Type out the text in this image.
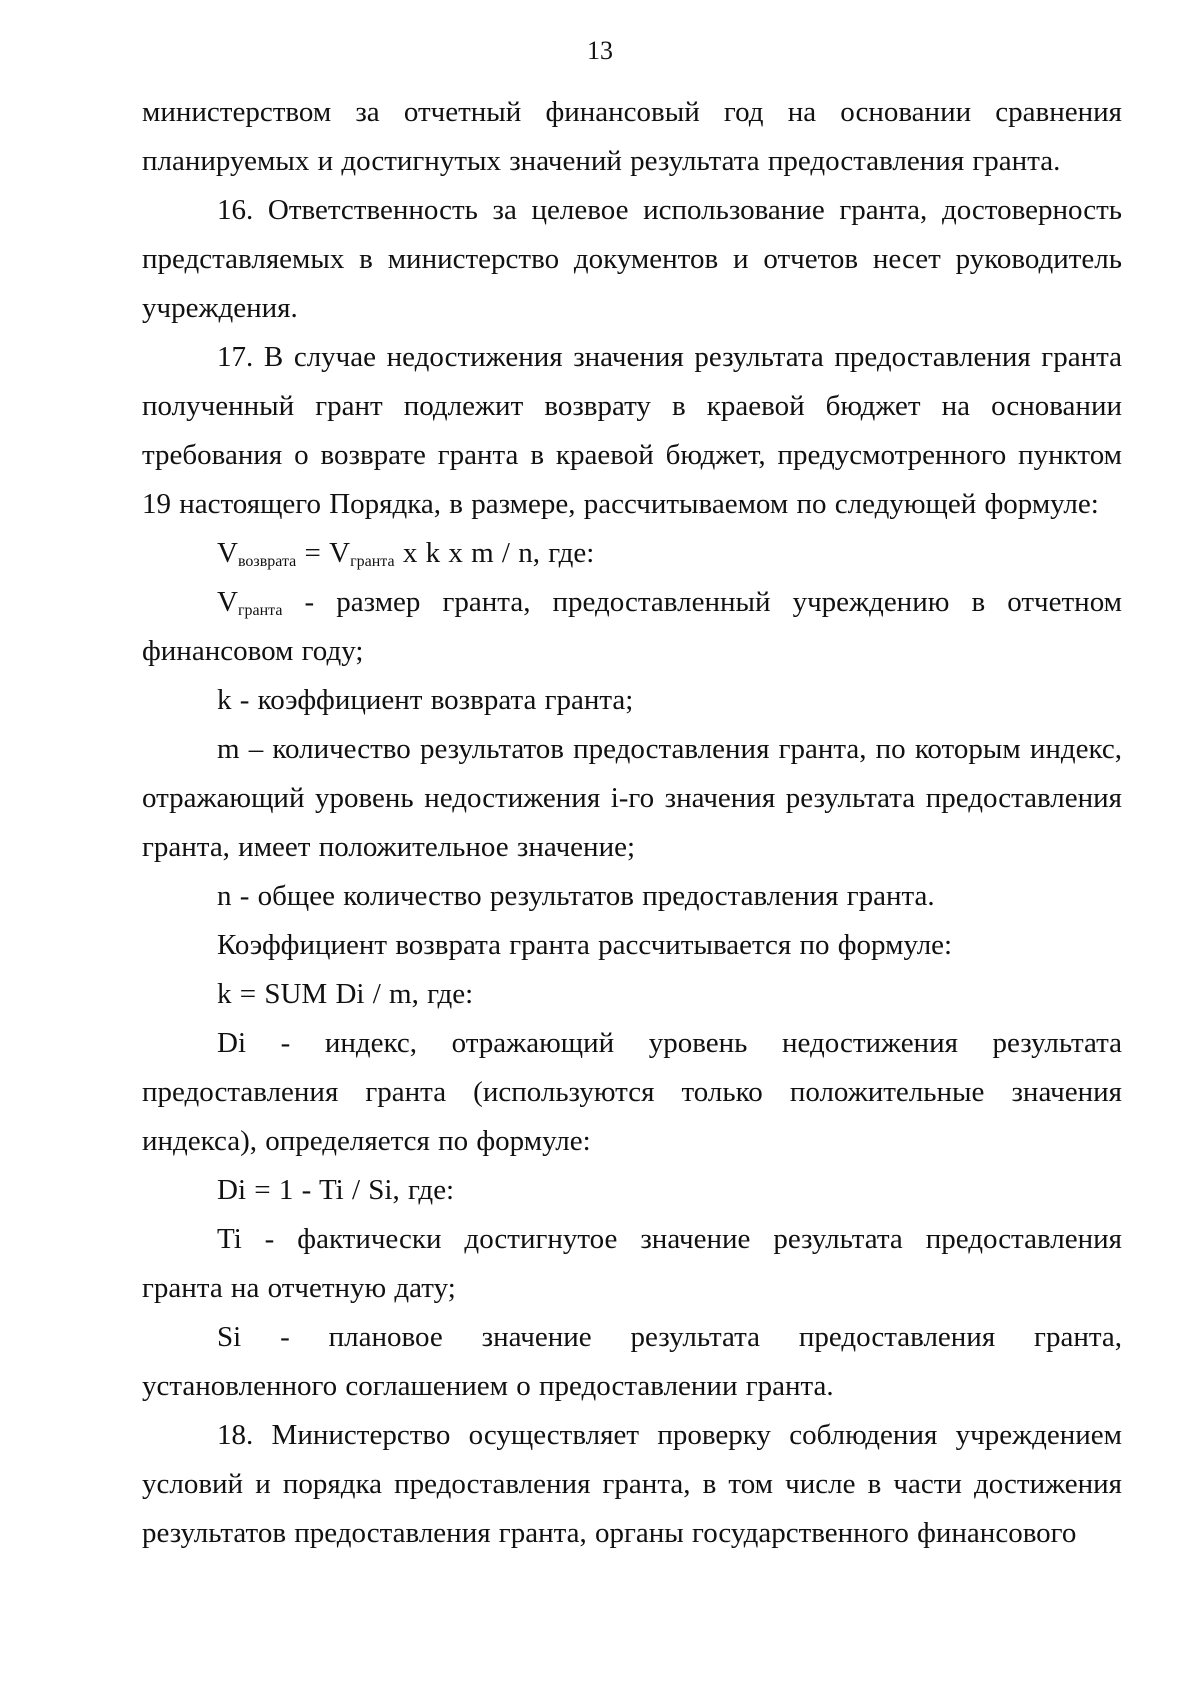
13

министерством за отчетный финансовый год на основании сравнения планируемых и достигнутых значений результата предоставления гранта.

16. Ответственность за целевое использование гранта, достоверность представляемых в министерство документов и отчетов несет руководитель учреждения.

17. В случае недостижения значения результата предоставления гранта полученный грант подлежит возврату в краевой бюджет на основании требования о возврате гранта в краевой бюджет, предусмотренного пунктом 19 настоящего Порядка, в размере, рассчитываемом по следующей формуле:

$V_{возврата} = V_{гранта}$ x k x m / n, где:

$V_{гранта}$ - размер гранта, предоставленный учреждению в отчетном финансовом году;

k - коэффициент возврата гранта;

m – количество результатов предоставления гранта, по которым индекс, отражающий уровень недостижения i-го значения результата предоставления гранта, имеет положительное значение;

n - общее количество результатов предоставления гранта.

Коэффициент возврата гранта рассчитывается по формуле:

k = SUM Di / m, где:

Di - индекс, отражающий уровень недостижения результата предоставления гранта (используются только положительные значения индекса), определяется по формуле:

Di = 1 - Ti / Si, где:

Ti - фактически достигнутое значение результата предоставления гранта на отчетную дату;

Si - плановое значение результата предоставления гранта, установленного соглашением о предоставлении гранта.

18. Министерство осуществляет проверку соблюдения учреждением условий и порядка предоставления гранта, в том числе в части достижения результатов предоставления гранта, органы государственного финансового
